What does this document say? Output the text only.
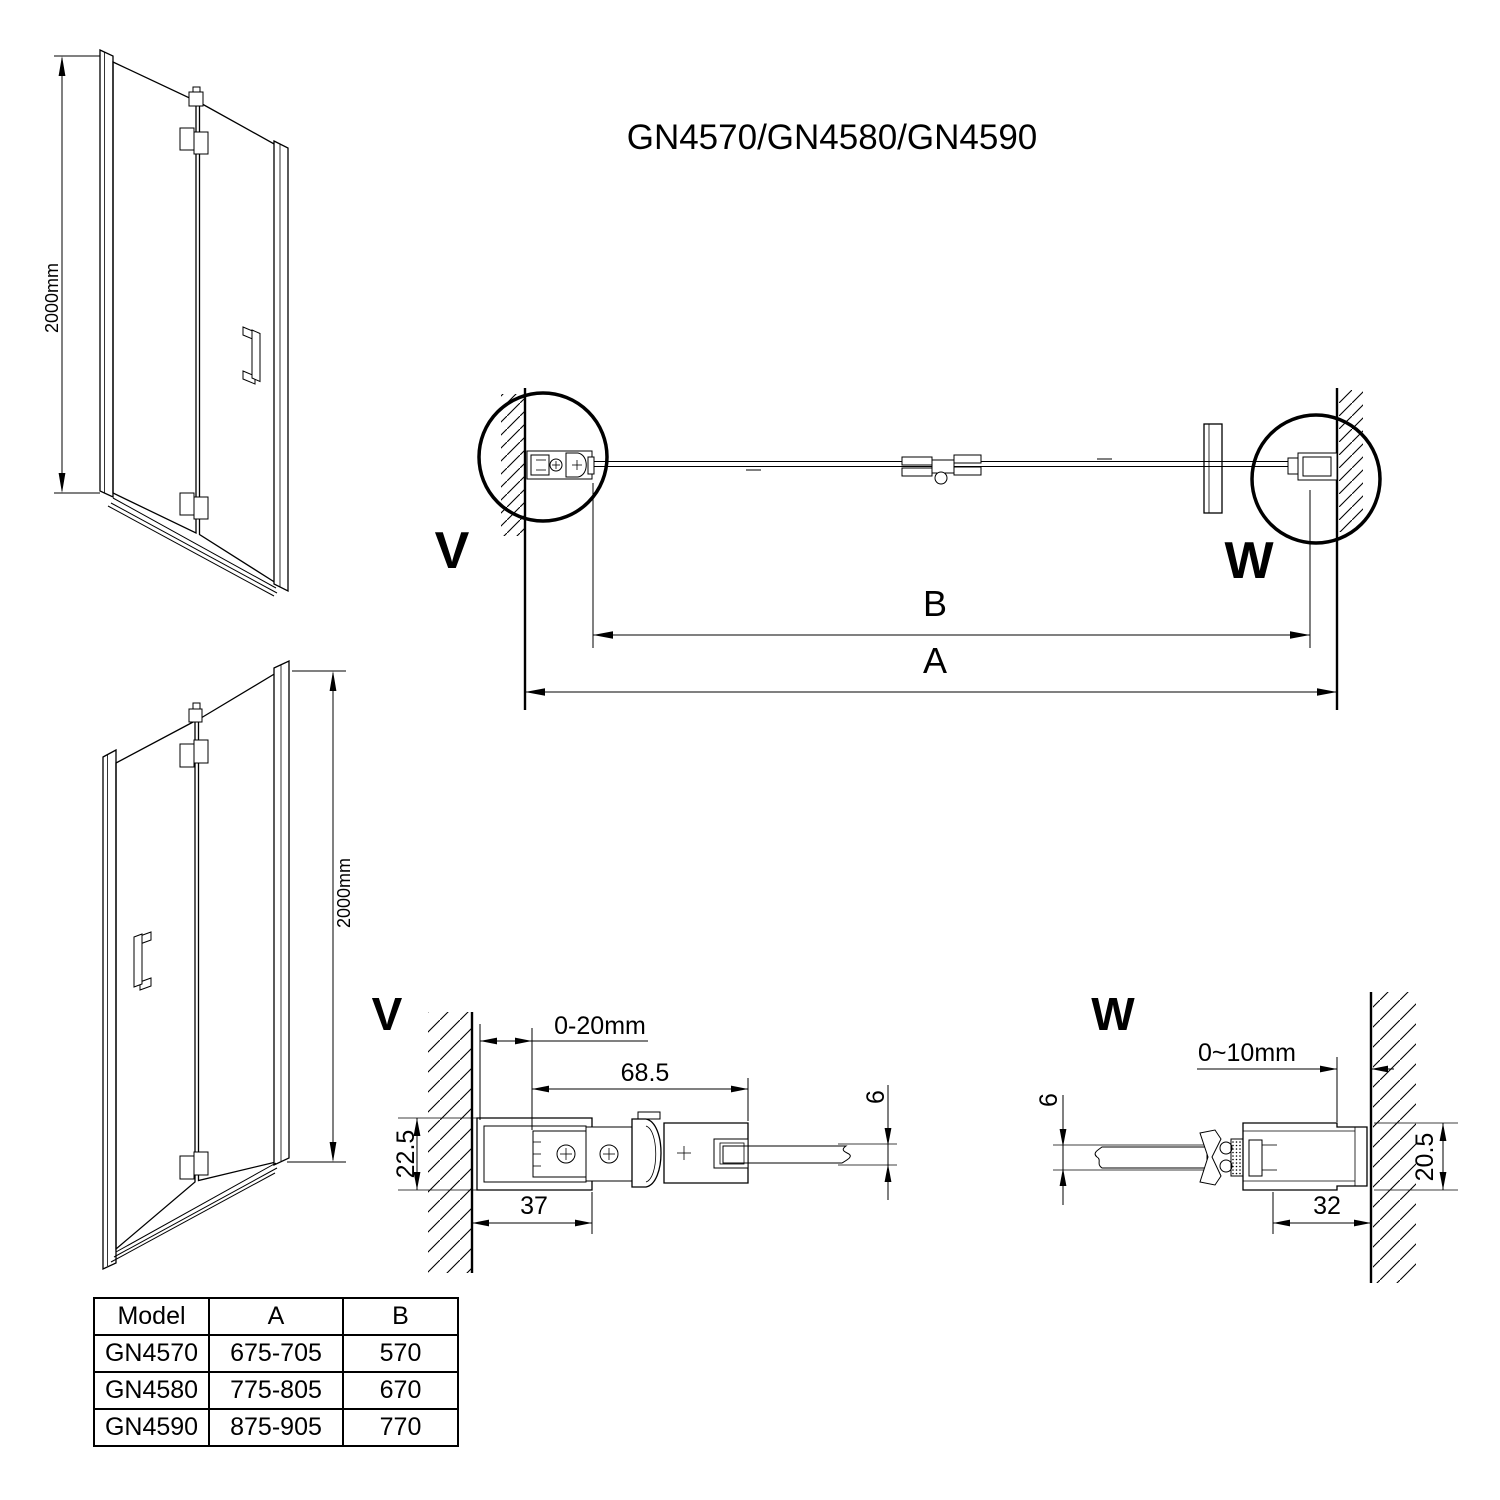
GN4570/GN4580/GN4590
2000mm
2000mm
V	W
B
A
V	0-20mm
68.5
22.5
37
6
W
0~10mm
6
20.5
32
Model	A	B
GN4570	675-705	570
GN4580	775-805	670
GN4590	875-905	770
